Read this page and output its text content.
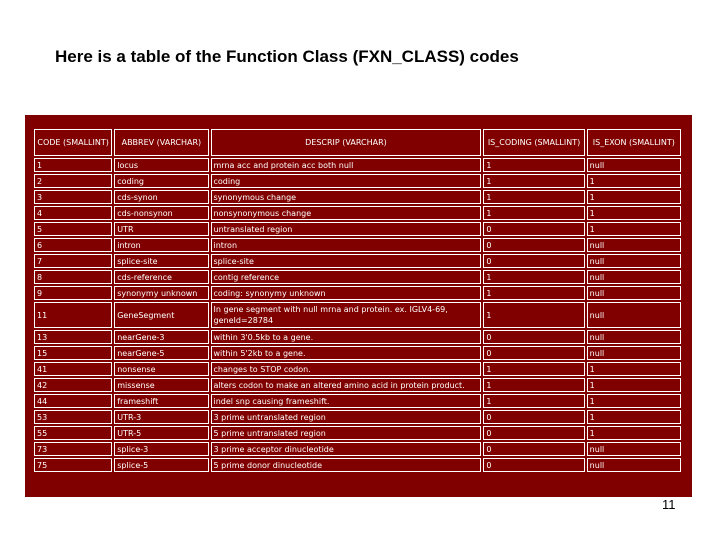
Here is a table of the Function Class (FXN_CLASS) codes
CODE (SMALLINT)	ABBREV (VARCHAR)	DESCRIP (VARCHAR)	IS_CODING (SMALLINT)	IS_EXON (SMALLINT)
1	locus	mrna acc and protein acc both null	1	null
2	coding	coding	1	1
3	cds-synon	synonymous change	1	1
4	cds-nonsynon	nonsynonymous change	1	1
5	UTR	untranslated region	0	1
6	intron	intron	0	null
7	splice-site	splice-site	0	null
8	cds-reference	contig reference	1	null
9	synonymy unknown	coding: synonymy unknown	1	null
11	GeneSegment	In gene segment with null mrna and protein. ex. IGLV4-69, geneId=28784	1	null
13	nearGene-3	within 3'0.5kb to a gene.	0	null
15	nearGene-5	within 5'2kb to a gene.	0	null
41	nonsense	changes to STOP codon.	1	1
42	missense	alters codon to make an altered amino acid in protein product.	1	1
44	frameshift	indel snp causing frameshift.	1	1
53	UTR-3	3 prime untranslated region	0	1
55	UTR-5	5 prime untranslated region	0	1
73	splice-3	3 prime acceptor dinucleotide	0	null
75	splice-5	5 prime donor dinucleotide	0	null
11
